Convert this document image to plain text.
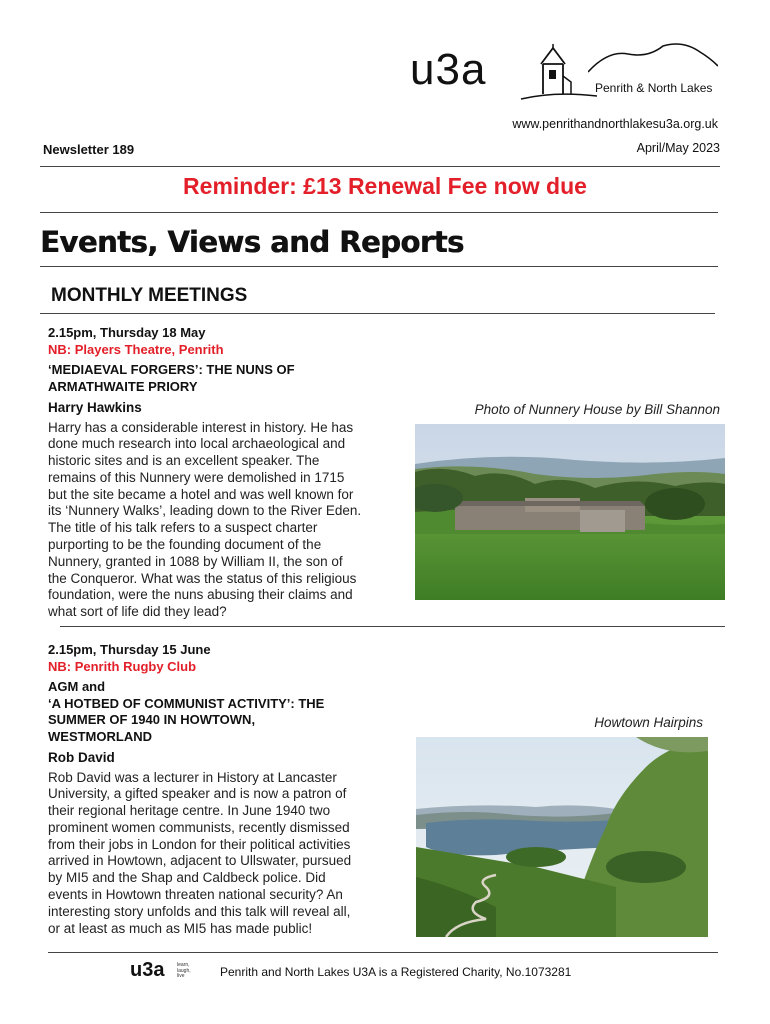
u3a	Penrith & North Lakes
www.penrithandnorthlakesu3a.org.uk
Newsletter 189	April/May 2023
Reminder: £13 Renewal Fee now due
Events, Views and Reports
MONTHLY MEETINGS
2.15pm, Thursday 18 May
NB: Players Theatre, Penrith
‘MEDIAEVAL FORGERS’: THE NUNS OF
ARMATHWAITE PRIORY
Harry Hawkins
Harry has a considerable interest in history. He has
done much research into local archaeological and
historic sites and is an excellent speaker. The
remains of this Nunnery were demolished in 1715
but the site became a hotel and was well known for
its ‘Nunnery Walks’, leading down to the River Eden.
The title of his talk refers to a suspect charter
purporting to be the founding document of the
Nunnery, granted in 1088 by William II, the son of
the Conqueror. What was the status of this religious
foundation, were the nuns abusing their claims and
what sort of life did they lead?
Photo of Nunnery House by Bill Shannon
2.15pm, Thursday 15 June
NB: Penrith Rugby Club
AGM and
‘A HOTBED OF COMMUNIST ACTIVITY’: THE
SUMMER OF 1940 IN HOWTOWN,
WESTMORLAND
Rob David
Rob David was a lecturer in History at Lancaster
University, a gifted speaker and is now a patron of
their regional heritage centre. In June 1940 two
prominent women communists, recently dismissed
from their jobs in London for their political activities
arrived in Howtown, adjacent to Ullswater, pursued
by MI5 and the Shap and Caldbeck police. Did
events in Howtown threaten national security? An
interesting story unfolds and this talk will reveal all,
or at least as much as MI5 has made public!
Howtown Hairpins
u3a	learn,
laugh,
live	Penrith and North Lakes U3A is a Registered Charity, No.1073281
